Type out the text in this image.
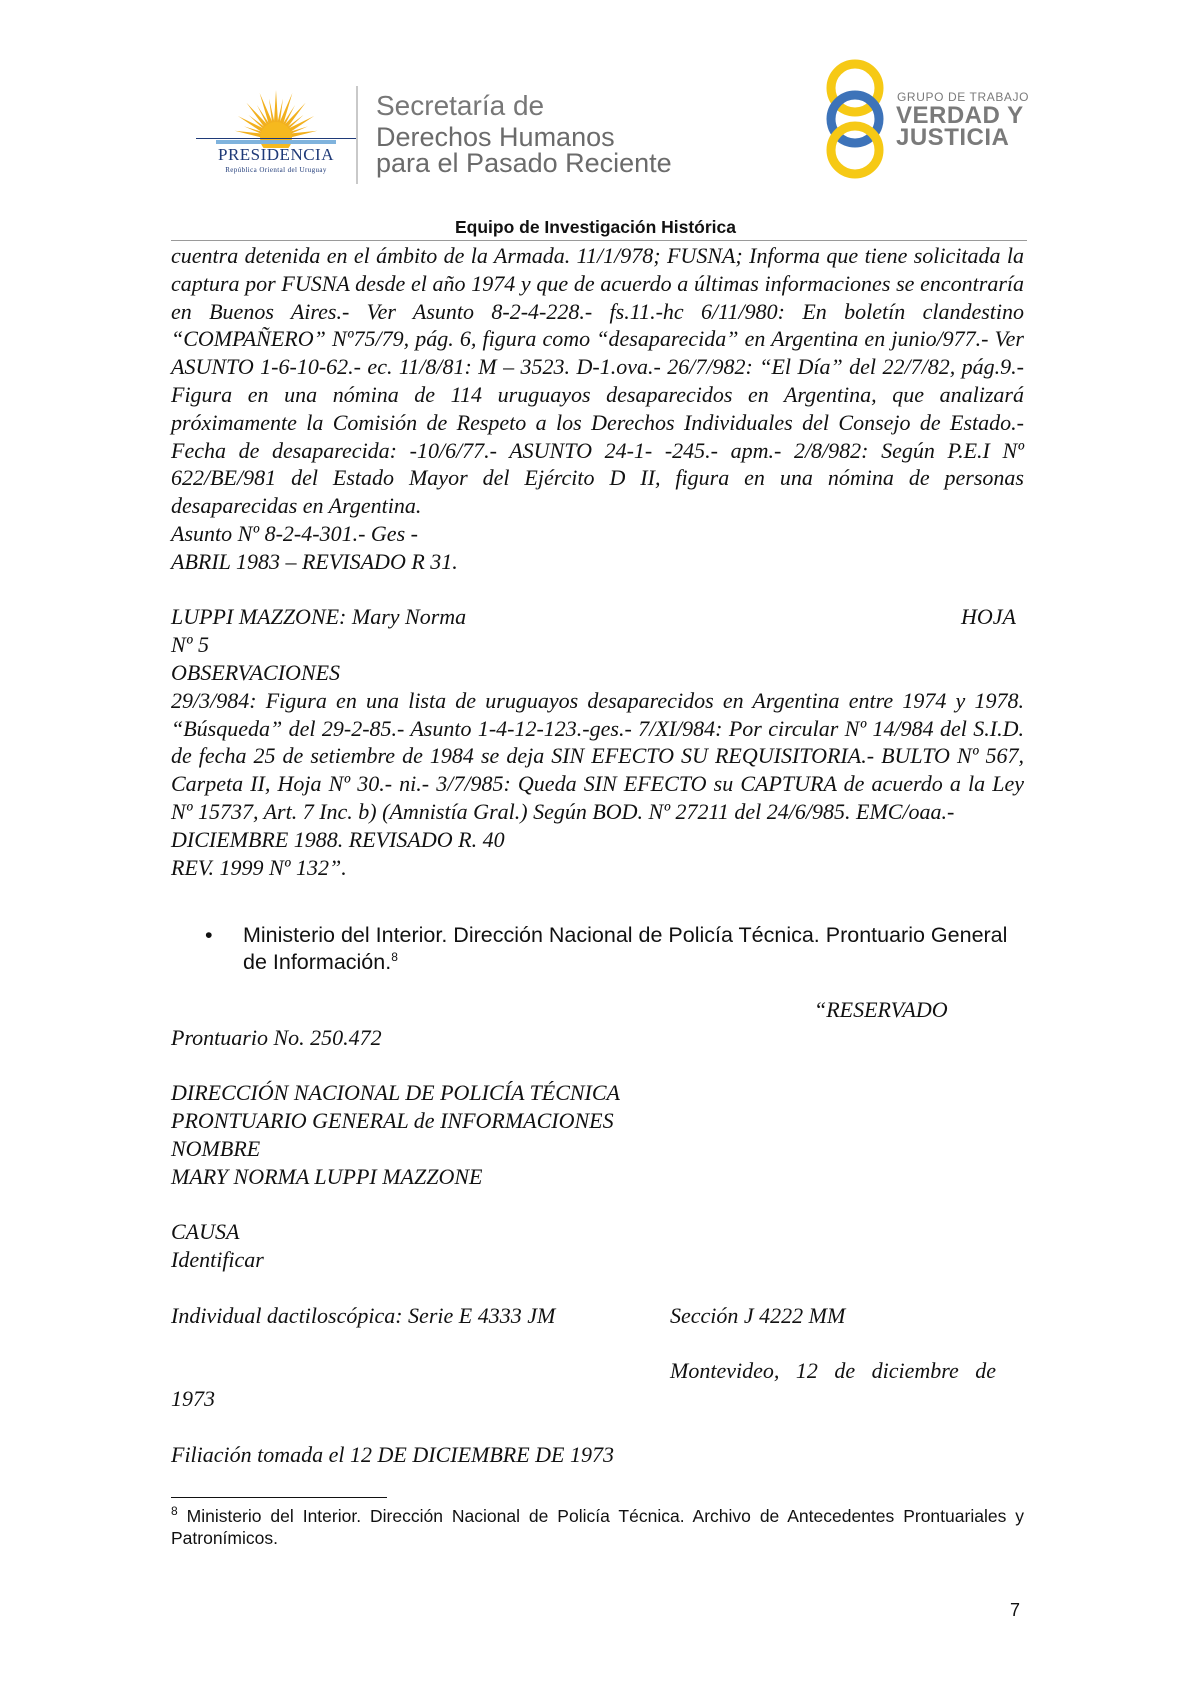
PRESIDENCIA
República Oriental del Uruguay
Secretaría de
Derechos Humanos
para el Pasado Reciente
GRUPO DE TRABAJO
VERDAD Y
JUSTICIA
Equipo de Investigación Histórica

cuentra detenida en el ámbito de la Armada. 11/1/978; FUSNA; Informa que tiene solicitada la captura por FUSNA desde el año 1974 y que de acuerdo a últimas informaciones se encontraría en Buenos Aires.- Ver Asunto 8-2-4-228.- fs.11.-hc 6/11/980: En boletín clandestino “COMPAÑERO” Nº75/79, pág. 6, figura como “desaparecida” en Argentina en junio/977.- Ver ASUNTO 1-6-10-62.- ec. 11/8/81: M – 3523. D-1.ova.- 26/7/982: “El Día” del 22/7/82, pág.9.- Figura en una nómina de 114 uruguayos desaparecidos en Argentina, que analizará próximamente la Comisión de Respeto a los Derechos Individuales del Consejo de Estado.- Fecha de desaparecida: -10/6/77.- ASUNTO 24-1- -245.- apm.- 2/8/982: Según P.E.I Nº 622/BE/981 del Estado Mayor del Ejército D II, figura en una nómina de personas desaparecidas en Argentina.

Asunto Nº 8-2-4-301.- Ges -

ABRIL 1983 – REVISADO R 31.

LUPPI MAZZONE: Mary Norma	HOJA

Nº 5

OBSERVACIONES

29/3/984: Figura en una lista de uruguayos desaparecidos en Argentina entre 1974 y 1978. “Búsqueda” del 29-2-85.- Asunto 1-4-12-123.-ges.- 7/XI/984: Por circular Nº 14/984 del S.I.D. de fecha 25 de setiembre de 1984 se deja SIN EFECTO SU REQUISITORIA.- BULTO Nº 567, Carpeta II, Hoja Nº 30.- ni.- 3/7/985: Queda SIN EFECTO su CAPTURA de acuerdo a la Ley Nº 15737, Art. 7 Inc. b) (Amnistía Gral.) Según BOD. Nº 27211 del 24/6/985. EMC/oaa.-

DICIEMBRE 1988. REVISADO R. 40

REV. 1999 Nº 132”.

• Ministerio del Interior. Dirección Nacional de Policía Técnica. Prontuario General de Información.$^8$

“RESERVADO

Prontuario No. 250.472

DIRECCIÓN NACIONAL DE POLICÍA TÉCNICA

PRONTUARIO GENERAL de INFORMACIONES

NOMBRE

MARY NORMA LUPPI MAZZONE

CAUSA

Identificar

Individual dactiloscópica: Serie E 4333 JM	Sección J 4222 MM

Montevideo,   12   de   diciembre   de

1973

Filiación tomada el 12 DE DICIEMBRE DE 1973

$^8$ Ministerio del Interior. Dirección Nacional de Policía Técnica. Archivo de Antecedentes Prontuariales y Patronímicos.
7
